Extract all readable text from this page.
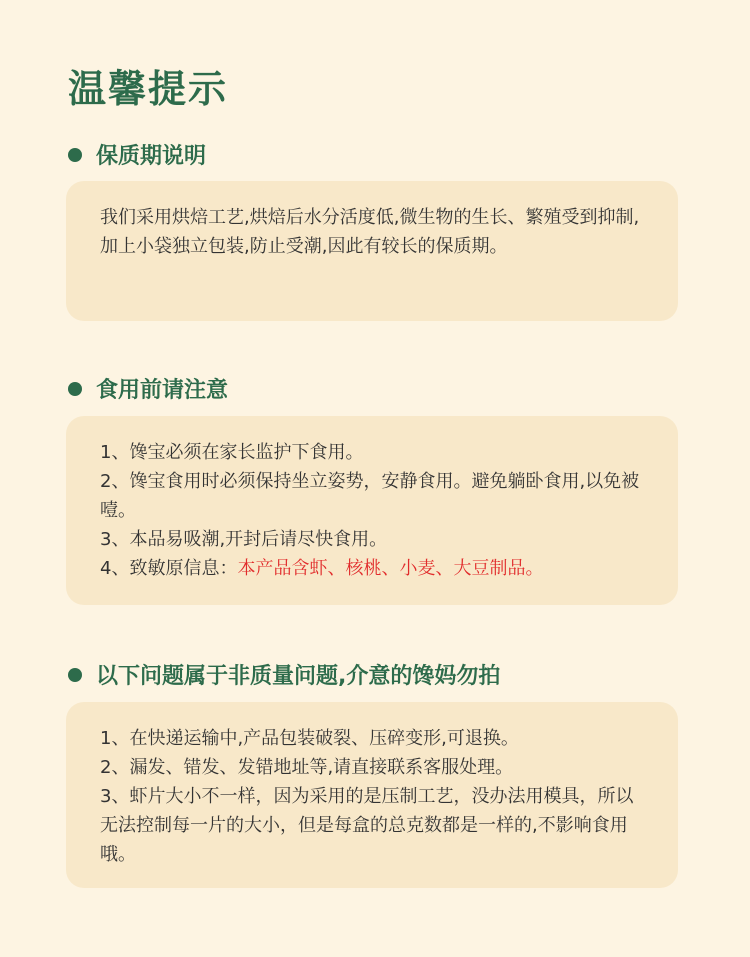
温馨提示
保质期说明

我们采用烘焙工艺,烘焙后水分活度低,微生物的生长、繁殖受到抑制,加上小袋独立包装,防止受潮,因此有较长的保质期。

食用前请注意

1、馋宝必须在家长监护下食用。

2、馋宝食用时必须保持坐立姿势，安静食用。避免躺卧食用,以免被噎。

3、本品易吸潮,开封后请尽快食用。

4、致敏原信息：本产品含虾、核桃、小麦、大豆制品。

以下问题属于非质量问题,介意的馋妈勿拍

1、在快递运输中,产品包装破裂、压碎变形,可退换。

2、漏发、错发、发错地址等,请直接联系客服处理。

3、虾片大小不一样，因为采用的是压制工艺，没办法用模具，所以无法控制每一片的大小，但是每盒的总克数都是一样的,不影响食用哦。
